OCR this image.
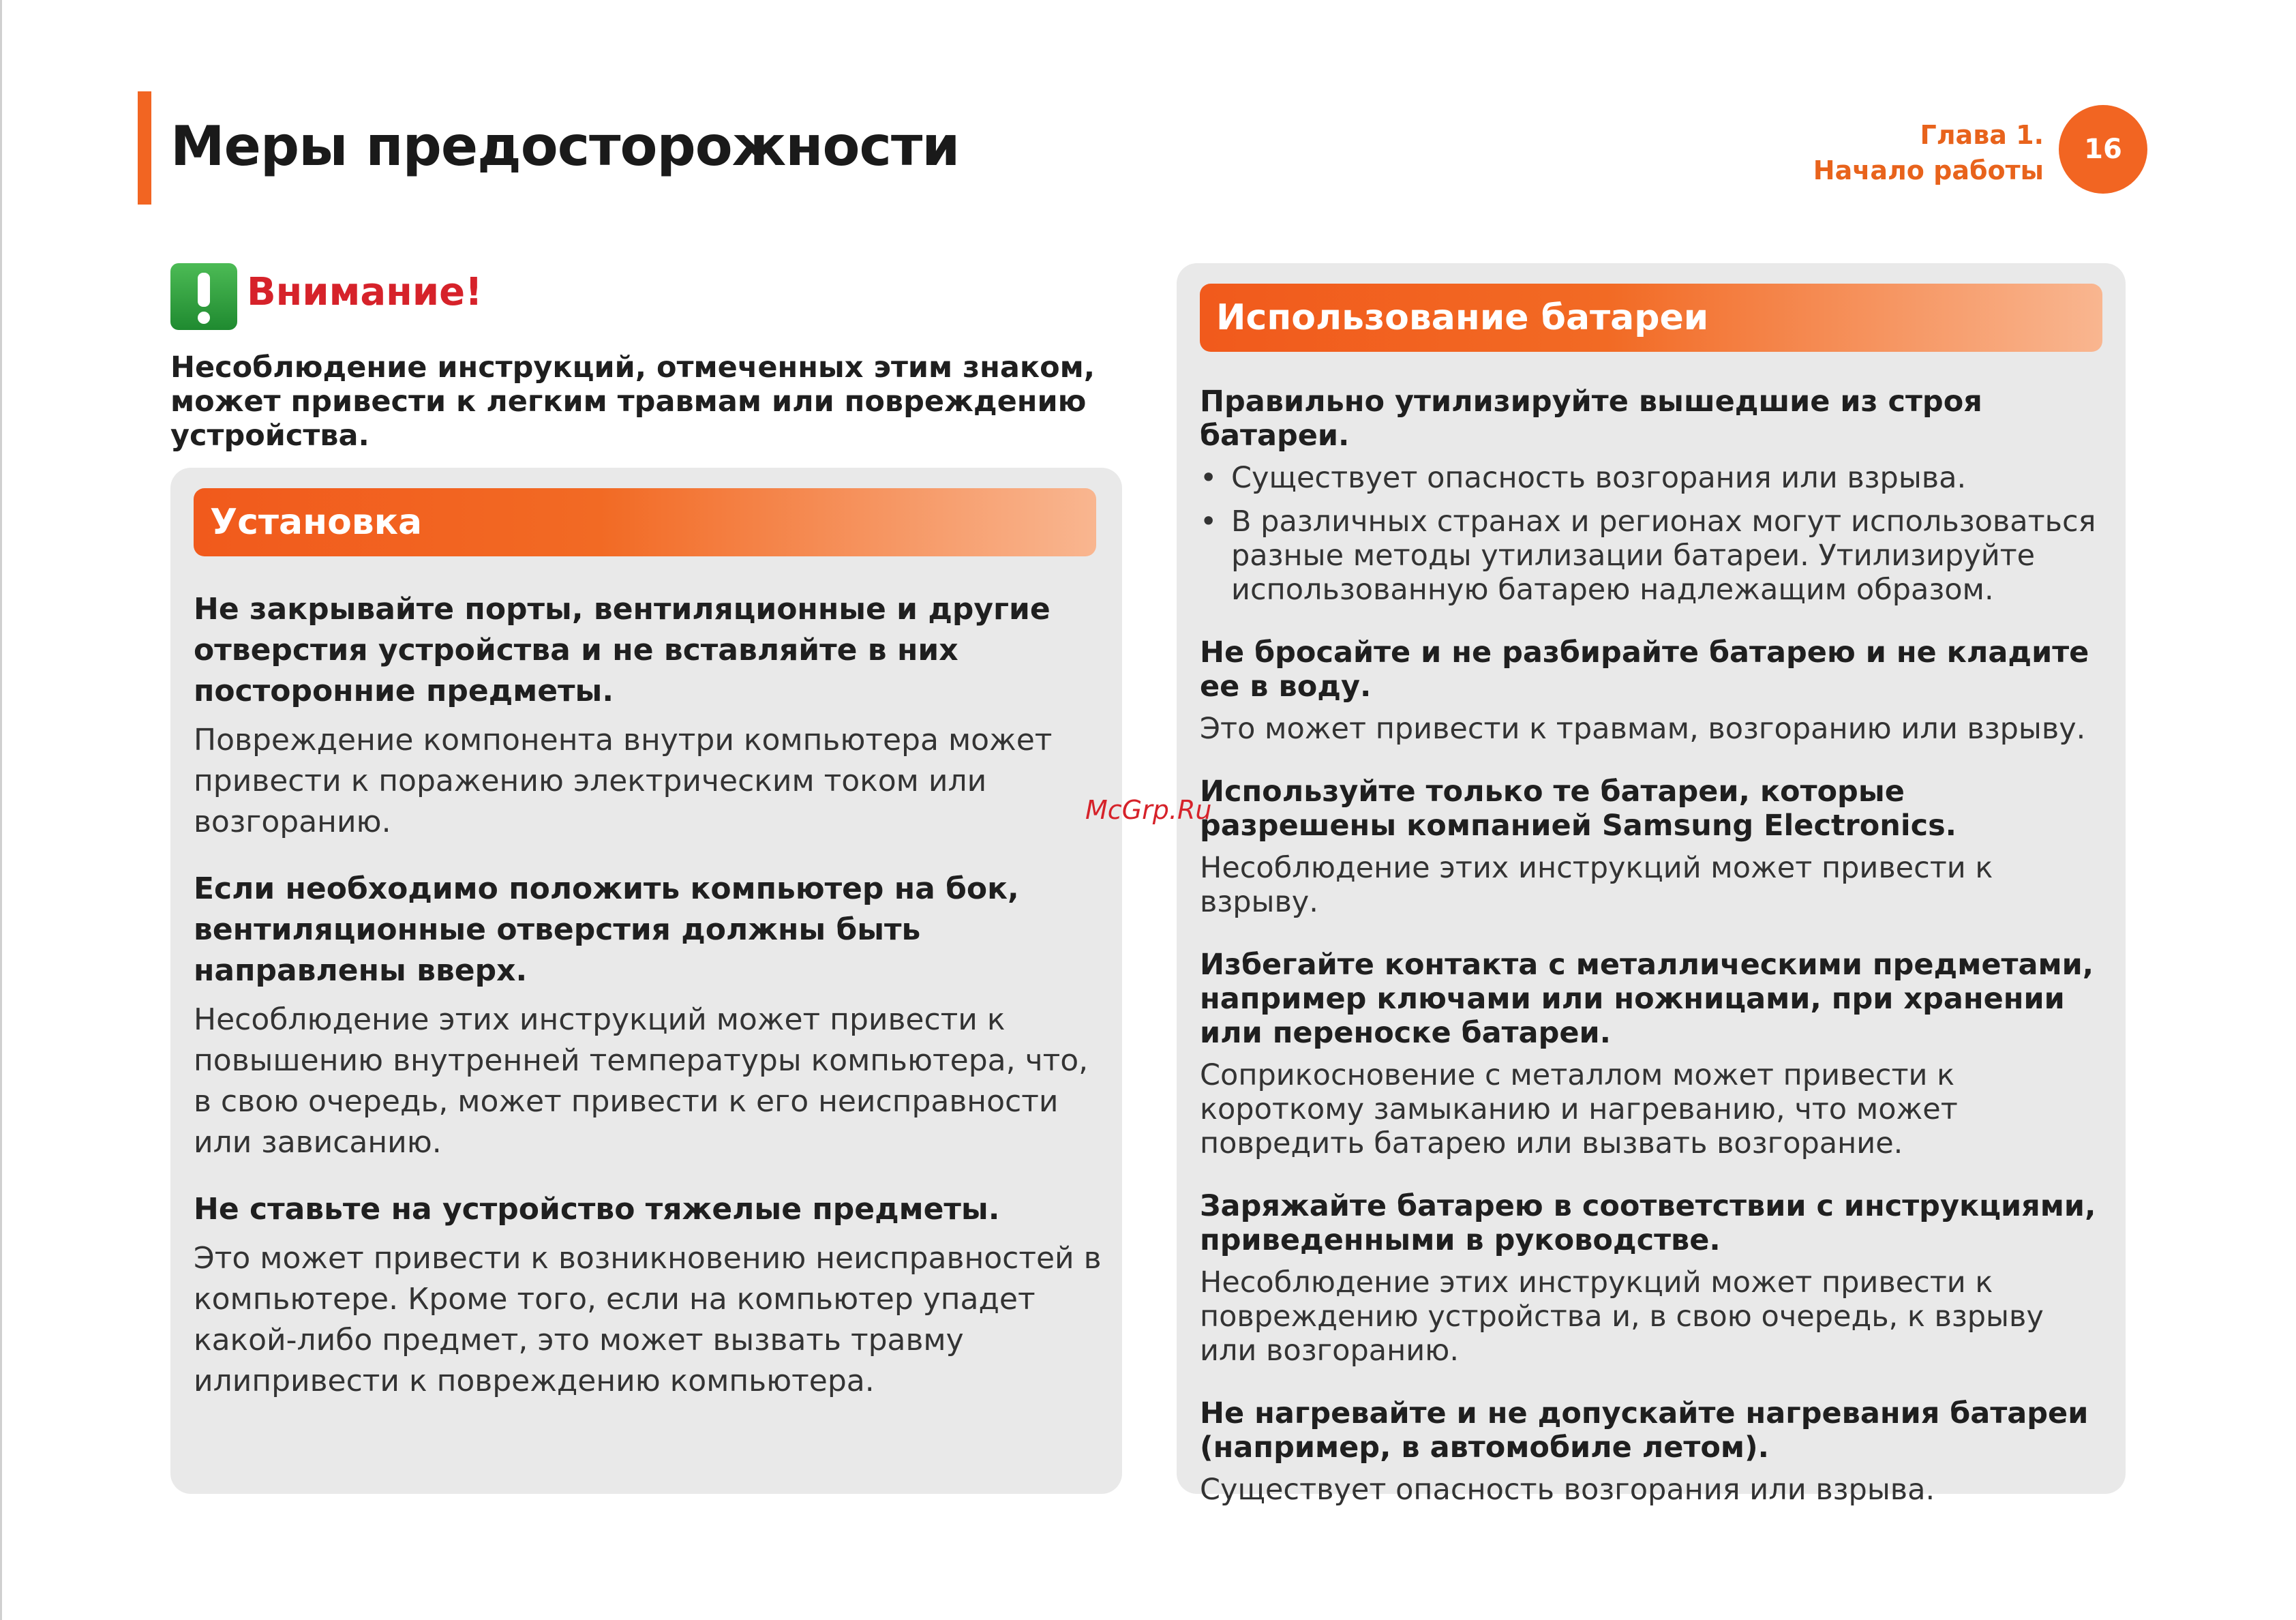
Меры предосторожности	Глава 1.
Начало работы
16
Внимание!

Несоблюдение инструкций, отмеченных этим знаком, может привести к легким травмам или повреждению устройства.

Установка

Не закрывайте порты, вентиляционные и другие отверстия устройства и не вставляйте в них посторонние предметы.

Повреждение компонента внутри компьютера может привести к поражению электрическим током или возгоранию.

Если необходимо положить компьютер на бок, вентиляционные отверстия должны быть направлены вверх.

Несоблюдение этих инструкций может привести к повышению внутренней температуры компьютера, что, в свою очередь, может привести к его неисправности или зависанию.

Не ставьте на устройство тяжелые предметы.

Это может привести к возникновению неисправностей в компьютере. Кроме того, если на компьютер упадет какой-либо предмет, это может вызвать травму илипривести к повреждению компьютера.

Использование батареи

Правильно утилизируйте вышедшие из строя батареи.

• Существует опасность возгорания или взрыва.
• В различных странах и регионах могут использоваться разные методы утилизации батареи. Утилизируйте использованную батарею надлежащим образом.

Не бросайте и не разбирайте батарею и не кладите ее в воду.

Это может привести к травмам, возгоранию или взрыву.

Используйте только те батареи, которые разрешены компанией Samsung Electronics.

Несоблюдение этих инструкций может привести к взрыву.

Избегайте контакта с металлическими предметами, например ключами или ножницами, при хранении или переноске батареи.

Соприкосновение с металлом может привести к короткому замыканию и нагреванию, что может повредить батарею или вызвать возгорание.

Заряжайте батарею в соответствии с инструкциями, приведенными в руководстве.

Несоблюдение этих инструкций может привести к повреждению устройства и, в свою очередь, к взрыву или возгоранию.

Не нагревайте и не допускайте нагревания батареи (например, в автомобиле летом).

Существует опасность возгорания или взрыва.

McGrp.Ru
